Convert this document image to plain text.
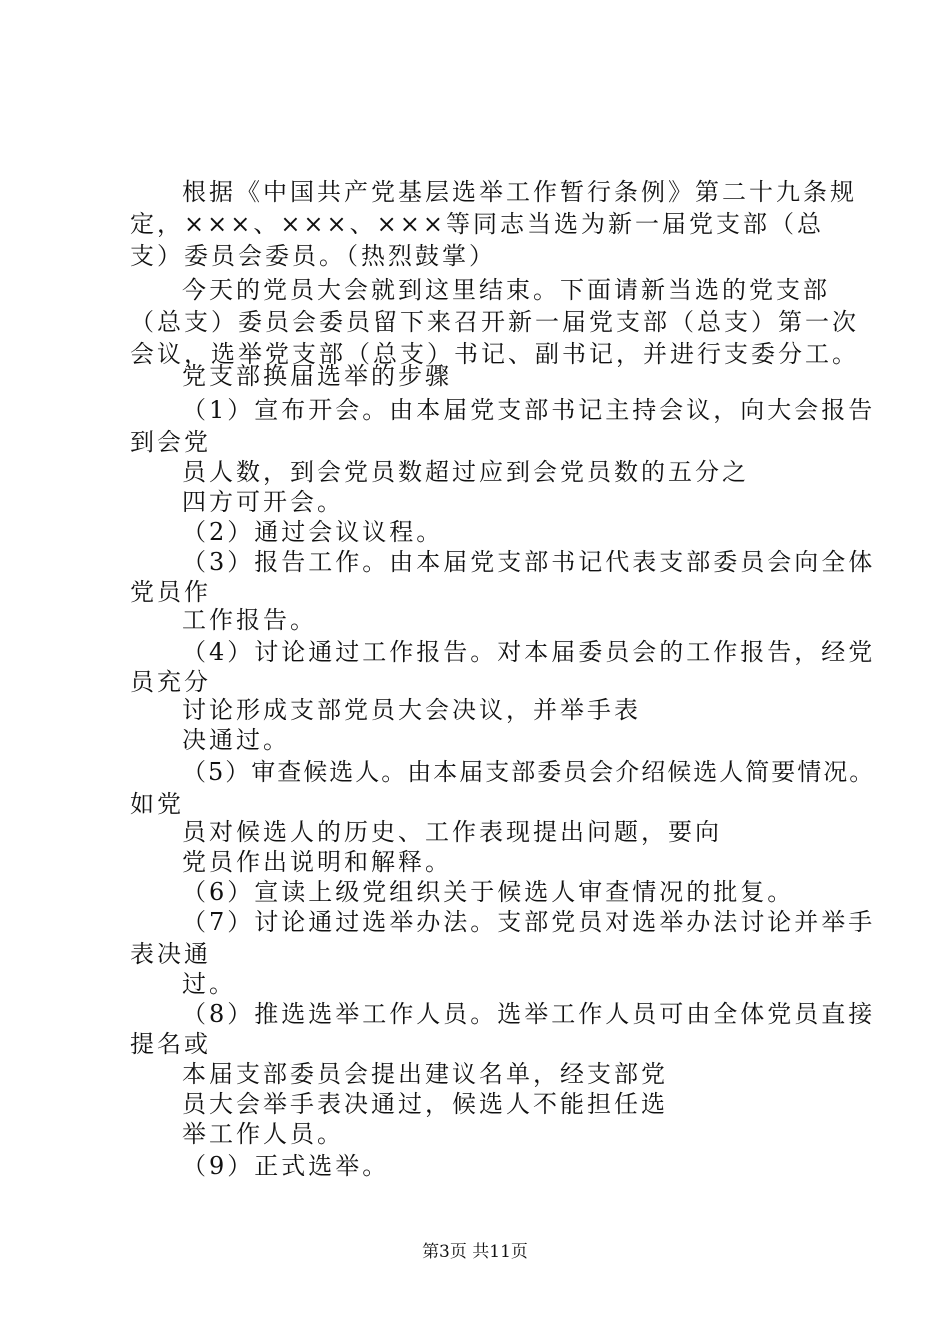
根据《中国共产党基层选举工作暂行条例》第二十九条规
定，×××、×××、×××等同志当选为新一届党支部（总
支）委员会委员。（热烈鼓掌）
今天的党员大会就到这里结束。下面请新当选的党支部
（总支）委员会委员留下来召开新一届党支部（总支）第一次
会议，选举党支部（总支）书记、副书记，并进行支委分工。
党支部换届选举的步骤
（1）宣布开会。由本届党支部书记主持会议，向大会报告
到会党
员人数，到会党员数超过应到会党员数的五分之
四方可开会。
（2）通过会议议程。
（3）报告工作。由本届党支部书记代表支部委员会向全体
党员作
工作报告。
（4）讨论通过工作报告。对本届委员会的工作报告，经党
员充分
讨论形成支部党员大会决议，并举手表
决通过。
（5）审查候选人。由本届支部委员会介绍候选人简要情况。
如党
员对候选人的历史、工作表现提出问题，要向
党员作出说明和解释。
（6）宣读上级党组织关于候选人审查情况的批复。
（7）讨论通过选举办法。支部党员对选举办法讨论并举手
表决通
过。
（8）推选选举工作人员。选举工作人员可由全体党员直接
提名或
本届支部委员会提出建议名单，经支部党
员大会举手表决通过，候选人不能担任选
举工作人员。
（9）正式选举。
第3页 共11页
